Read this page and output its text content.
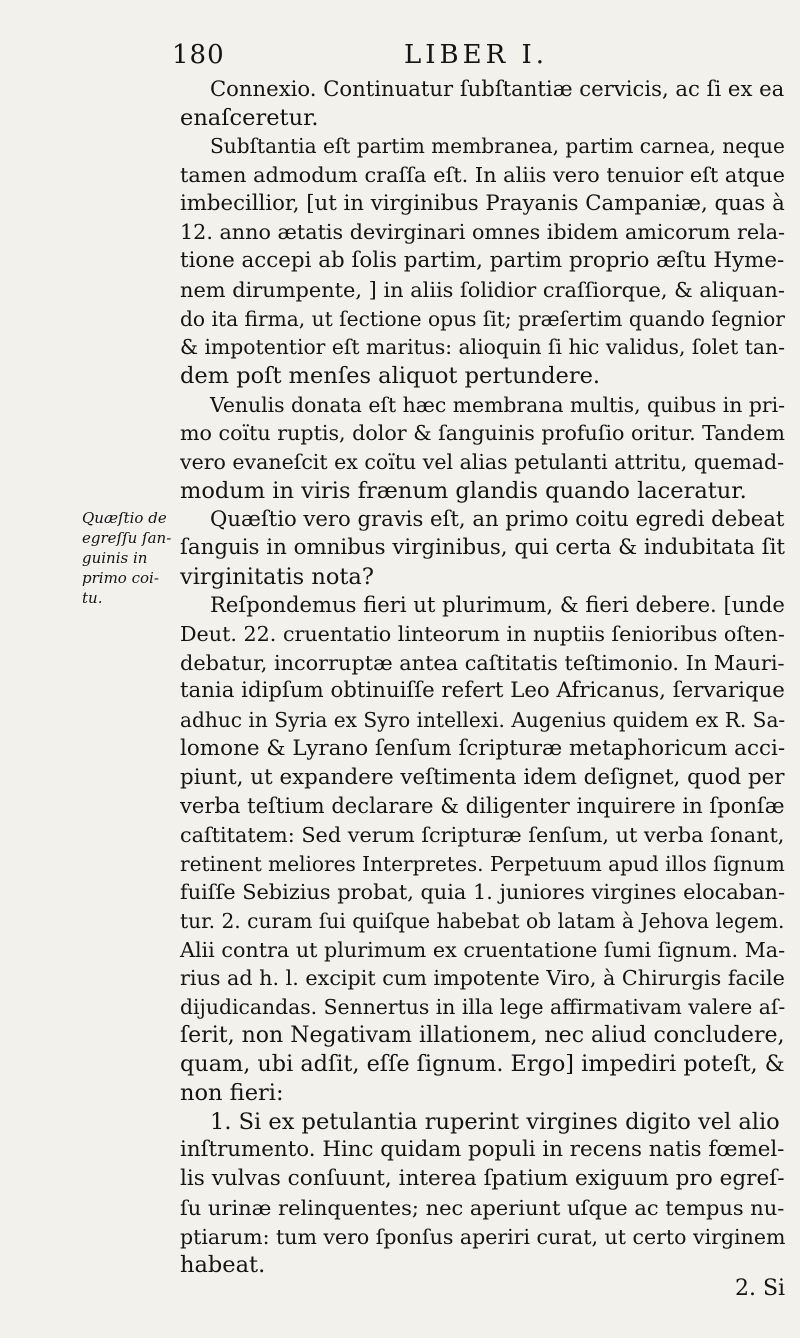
180	LIBER I.
Quæſtio de
egreſſu ſan-
guinis in
primo coi-
tu.
Connexio. Continuatur ſubſtantiæ cervicis, ac ſi ex ea
enaſceretur.
Subſtantia eſt partim membranea, partim carnea, neque
tamen admodum craſſa eſt. In aliis vero tenuior eſt atque
imbecillior, [ut in virginibus Prayanis Campaniæ, quas à
12. anno ætatis devirginari omnes ibidem amicorum rela-
tione accepi ab ſolis partim, partim proprio æſtu Hyme-
nem dirumpente, ] in aliis ſolidior craſſiorque, & aliquan-
do ita firma, ut ſectione opus ſit; præſertim quando ſegnior
& impotentior eſt maritus: alioquin ſi hic validus, ſolet tan-
dem poſt menſes aliquot pertundere.
Venulis donata eſt hæc membrana multis, quibus in pri-
mo coïtu ruptis, dolor & ſanguinis profuſio oritur. Tandem
vero evaneſcit ex coïtu vel alias petulanti attritu, quemad-
modum in viris frænum glandis quando laceratur.
Quæſtio vero gravis eſt, an primo coitu egredi debeat
ſanguis in omnibus virginibus, qui certa & indubitata ſit
virginitatis nota?
Reſpondemus fieri ut plurimum, & fieri debere. [unde
Deut. 22. cruentatio linteorum in nuptiis ſenioribus oſten-
debatur, incorruptæ antea caſtitatis teſtimonio. In Mauri-
tania idipſum obtinuiſſe refert Leo Africanus, ſervarique
adhuc in Syria ex Syro intellexi. Augenius quidem ex R. Sa-
lomone & Lyrano ſenſum ſcripturæ metaphoricum acci-
piunt, ut expandere veſtimenta idem deſignet, quod per
verba teſtium declarare & diligenter inquirere in ſponſæ
caſtitatem: Sed verum ſcripturæ ſenſum, ut verba ſonant,
retinent meliores Interpretes. Perpetuum apud illos ſignum
fuiſſe Sebizius probat, quia 1. juniores virgines elocaban-
tur. 2. curam ſui quiſque habebat ob latam à Jehova legem.
Alii contra ut plurimum ex cruentatione ſumi ſignum. Ma-
rius ad h. l. excipit cum impotente Viro, à Chirurgis facile
dijudicandas. Sennertus in illa lege affirmativam valere aſ-
ſerit, non Negativam illationem, nec aliud concludere,
quam, ubi adſit, eſſe ſignum. Ergo] impediri poteſt, &
non fieri:
1. Si ex petulantia ruperint virgines digito vel alio
inſtrumento. Hinc quidam populi in recens natis fœmel-
lis vulvas conſuunt, interea ſpatium exiguum pro egreſ-
ſu urinæ relinquentes; nec aperiunt uſque ac tempus nu-
ptiarum: tum vero ſponſus aperiri curat, ut certo virginem
habeat.
2. Si
